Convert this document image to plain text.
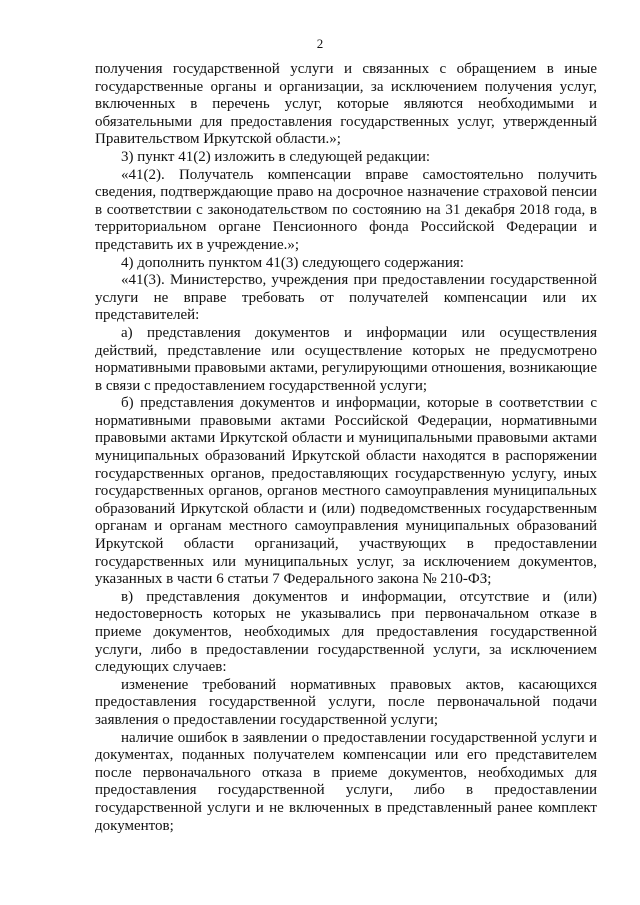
2

получения государственной услуги и связанных с обращением в иные государственные органы и организации, за исключением получения услуг, включенных в перечень услуг, которые являются необходимыми и обязательными для предоставления государственных услуг, утвержденный Правительством Иркутской области.»;

3) пункт 41(2) изложить в следующей редакции:

«41(2). Получатель компенсации вправе самостоятельно получить сведения, подтверждающие право на досрочное назначение страховой пенсии в соответствии с законодательством по состоянию на 31 декабря 2018 года, в территориальном органе Пенсионного фонда Российской Федерации и представить их в учреждение.»;

4) дополнить пунктом 41(3) следующего содержания:

«41(3). Министерство, учреждения при предоставлении государственной услуги не вправе требовать от получателей компенсации или их представителей:

а) представления документов и информации или осуществления действий, представление или осуществление которых не предусмотрено нормативными правовыми актами, регулирующими отношения, возникающие в связи с предоставлением государственной услуги;

б) представления документов и информации, которые в соответствии с нормативными правовыми актами Российской Федерации, нормативными правовыми актами Иркутской области и муниципальными правовыми актами муниципальных образований Иркутской области находятся в распоряжении государственных органов, предоставляющих государственную услугу, иных государственных органов, органов местного самоуправления муниципальных образований Иркутской области и (или) подведомственных государственным органам и органам местного самоуправления муниципальных образований Иркутской области организаций, участвующих в предоставлении государственных или муниципальных услуг, за исключением документов, указанных в части 6 статьи 7 Федерального закона № 210-ФЗ;

в) представления документов и информации, отсутствие и (или) недостоверность которых не указывались при первоначальном отказе в приеме документов, необходимых для предоставления государственной услуги, либо в предоставлении государственной услуги, за исключением следующих случаев:

изменение требований нормативных правовых актов, касающихся предоставления государственной услуги, после первоначальной подачи заявления о предоставлении государственной услуги;

наличие ошибок в заявлении о предоставлении государственной услуги и документах, поданных получателем компенсации или его представителем после первоначального отказа в приеме документов, необходимых для предоставления государственной услуги, либо в предоставлении государственной услуги и не включенных в представленный ранее комплект документов;
